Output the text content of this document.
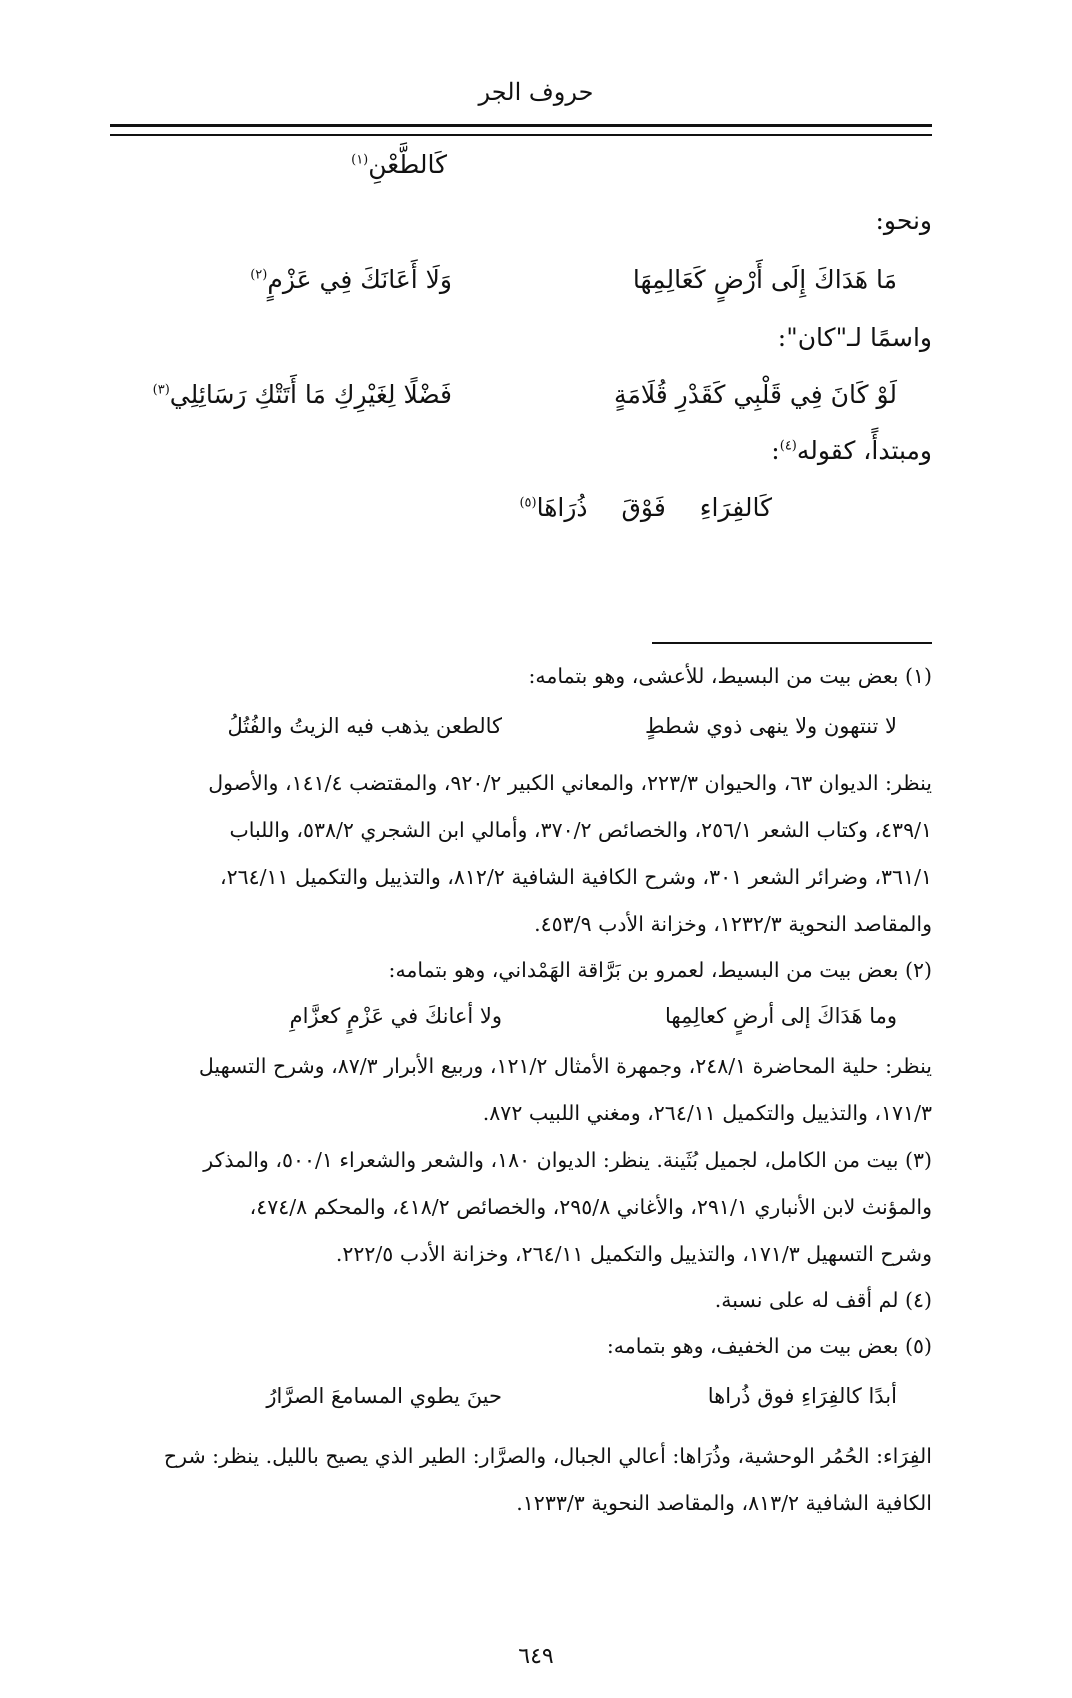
حروف الجر
كَالطَّعْنِ$^{(١)}$
ونحو:
مَا هَدَاكَ إِلَى أَرْضٍ كَعَالِمِهَا
وَلَا أَعَانَكَ فِي عَزْمٍ$^{(٢)}$
واسمًا لـ"كان":
لَوْ كَانَ فِي قَلْبِي كَقَدْرِ قُلَامَةٍ
فَضْلًا لِغَيْرِكِ مَا أَتَتْكِ رَسَائِلِي$^{(٣)}$
ومبتدأً، كقوله$^{(٤)}$:
كَالفِرَاءِ فَوْقَ ذُرَاهَا$^{(٥)}$
(١) بعض بيت من البسيط، للأعشى، وهو بتمامه:
لا تنتهون ولا ينهى ذوي شططٍ
كالطعن يذهب فيه الزيتُ والفُتُلُ
ينظر: الديوان ٦٣، والحيوان ٢٢٣/٣، والمعاني الكبير ٩٢٠/٢، والمقتضب ١٤١/٤، والأصول
٤٣٩/١، وكتاب الشعر ٢٥٦/١، والخصائص ٣٧٠/٢، وأمالي ابن الشجري ٥٣٨/٢، واللباب
٣٦١/١، وضرائر الشعر ٣٠١، وشرح الكافية الشافية ٨١٢/٢، والتذييل والتكميل ٢٦٤/١١،
والمقاصد النحوية ١٢٣٢/٣، وخزانة الأدب ٤٥٣/٩.
(٢) بعض بيت من البسيط، لعمرو بن بَرَّاقة الهَمْداني، وهو بتمامه:
وما هَدَاكَ إلى أرضٍ كعالِمِها
ولا أعانكَ في عَزْمٍ كعزَّامِ
ينظر: حلية المحاضرة ٢٤٨/١، وجمهرة الأمثال ١٢١/٢، وربيع الأبرار ٨٧/٣، وشرح التسهيل
١٧١/٣، والتذييل والتكميل ٢٦٤/١١، ومغني اللبيب ٨٧٢.
(٣) بيت من الكامل، لجميل بُثَينة. ينظر: الديوان ١٨٠، والشعر والشعراء ٥٠٠/١، والمذكر
والمؤنث لابن الأنباري ٢٩١/١، والأغاني ٢٩٥/٨، والخصائص ٤١٨/٢، والمحكم ٤٧٤/٨،
وشرح التسهيل ١٧١/٣، والتذييل والتكميل ٢٦٤/١١، وخزانة الأدب ٢٢٢/٥.
(٤) لم أقف له على نسبة.
(٥) بعض بيت من الخفيف، وهو بتمامه:
أبدًا كالفِرَاءِ فوق ذُراها
حينَ يطوي المسامعَ الصرَّارُ
الفِرَاء: الحُمُر الوحشية، وذُرَاها: أعالي الجبال، والصرَّار: الطير الذي يصيح بالليل. ينظر: شرح
الكافية الشافية ٨١٣/٢، والمقاصد النحوية ١٢٣٣/٣.
٦٤٩
